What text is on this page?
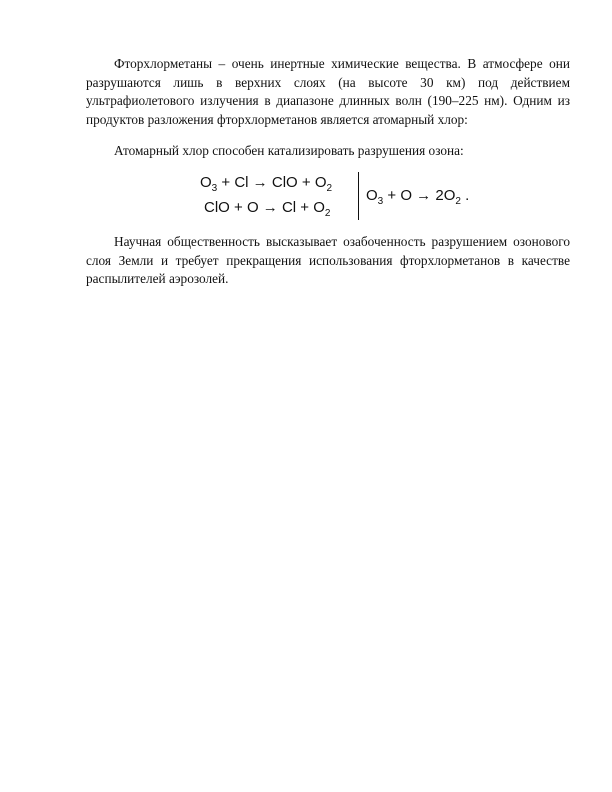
Фторхлорметаны – очень инертные химические вещества. В атмосфере они разрушаются лишь в верхних слоях (на высоте 30 км) под действием ультрафиолетового излучения в диапазоне длинных волн (190–225 нм). Одним из продуктов разложения фторхлорметанов является атомарный хлор:

Атомарный хлор способен катализировать разрушения озона:

$O_3 + Cl$ → ClO + $O_2$
ClO + $O \to Cl + O_2$
$O_3 + O \to 2O_2$ .

Научная общественность высказывает озабоченность разрушением озонового слоя Земли и требует прекращения использования фторхлорметанов в качестве распылителей аэрозолей.
